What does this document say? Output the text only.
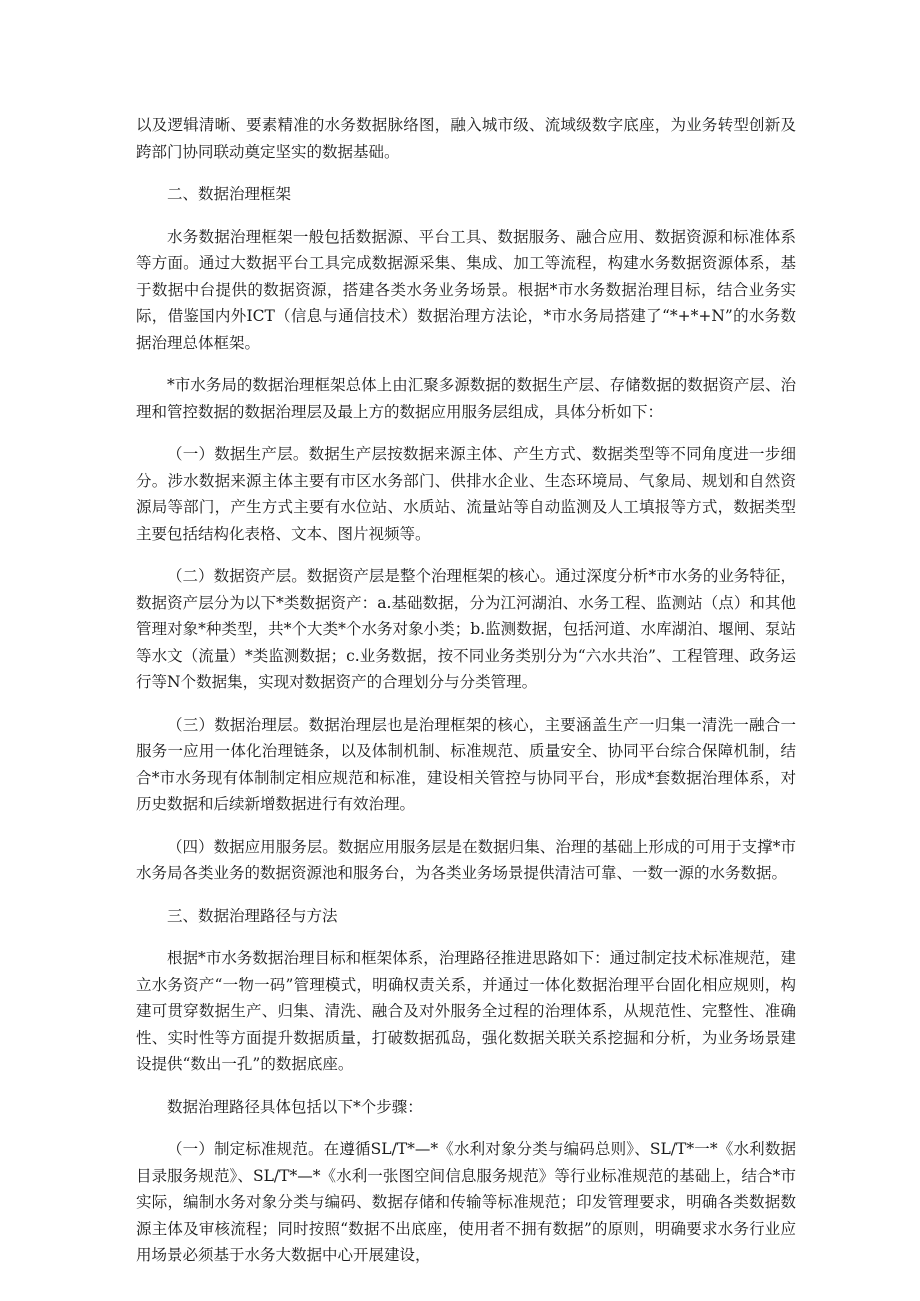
以及逻辑清晰、要素精准的水务数据脉络图，融入城市级、流域级数字底座，为业务转型创新及跨部门协同联动奠定坚实的数据基础。

二、数据治理框架

水务数据治理框架一般包括数据源、平台工具、数据服务、融合应用、数据资源和标准体系等方面。通过大数据平台工具完成数据源采集、集成、加工等流程，构建水务数据资源体系，基于数据中台提供的数据资源，搭建各类水务业务场景。根据*市水务数据治理目标，结合业务实际，借鉴国内外ICT（信息与通信技术）数据治理方法论，*市水务局搭建了“*+*+N”的水务数据治理总体框架。

*市水务局的数据治理框架总体上由汇聚多源数据的数据生产层、存储数据的数据资产层、治理和管控数据的数据治理层及最上方的数据应用服务层组成，具体分析如下：

（一）数据生产层。数据生产层按数据来源主体、产生方式、数据类型等不同角度进一步细分。涉水数据来源主体主要有市区水务部门、供排水企业、生态环境局、气象局、规划和自然资源局等部门，产生方式主要有水位站、水质站、流量站等自动监测及人工填报等方式，数据类型主要包括结构化表格、文本、图片视频等。

（二）数据资产层。数据资产层是整个治理框架的核心。通过深度分析*市水务的业务特征，数据资产层分为以下*类数据资产：a.基础数据，分为江河湖泊、水务工程、监测站（点）和其他管理对象*种类型，共*个大类*个水务对象小类；b.监测数据，包括河道、水库湖泊、堰闸、泵站等水文（流量）*类监测数据；c.业务数据，按不同业务类别分为“六水共治”、工程管理、政务运行等N个数据集，实现对数据资产的合理划分与分类管理。

（三）数据治理层。数据治理层也是治理框架的核心，主要涵盖生产一归集一清洗一融合一服务一应用一体化治理链条，以及体制机制、标准规范、质量安全、协同平台综合保障机制，结合*市水务现有体制制定相应规范和标准，建设相关管控与协同平台，形成*套数据治理体系，对历史数据和后续新增数据进行有效治理。

（四）数据应用服务层。数据应用服务层是在数据归集、治理的基础上形成的可用于支撑*市水务局各类业务的数据资源池和服务台，为各类业务场景提供清洁可靠、一数一源的水务数据。

三、数据治理路径与方法

根据*市水务数据治理目标和框架体系，治理路径推进思路如下：通过制定技术标准规范，建立水务资产“一物一码”管理模式，明确权责关系，并通过一体化数据治理平台固化相应规则，构建可贯穿数据生产、归集、清洗、融合及对外服务全过程的治理体系，从规范性、完整性、准确性、实时性等方面提升数据质量，打破数据孤岛，强化数据关联关系挖掘和分析，为业务场景建设提供“数出一孔”的数据底座。

数据治理路径具体包括以下*个步骤：

（一）制定标准规范。在遵循SL/T*—*《水利对象分类与编码总则》、SL/T*一*《水利数据目录服务规范》、SL/T*—*《水利一张图空间信息服务规范》等行业标准规范的基础上，结合*市实际，编制水务对象分类与编码、数据存储和传输等标准规范；印发管理要求，明确各类数据数源主体及审核流程；同时按照“数据不出底座，使用者不拥有数据”的原则，明确要求水务行业应用场景必须基于水务大数据中心开展建设，
